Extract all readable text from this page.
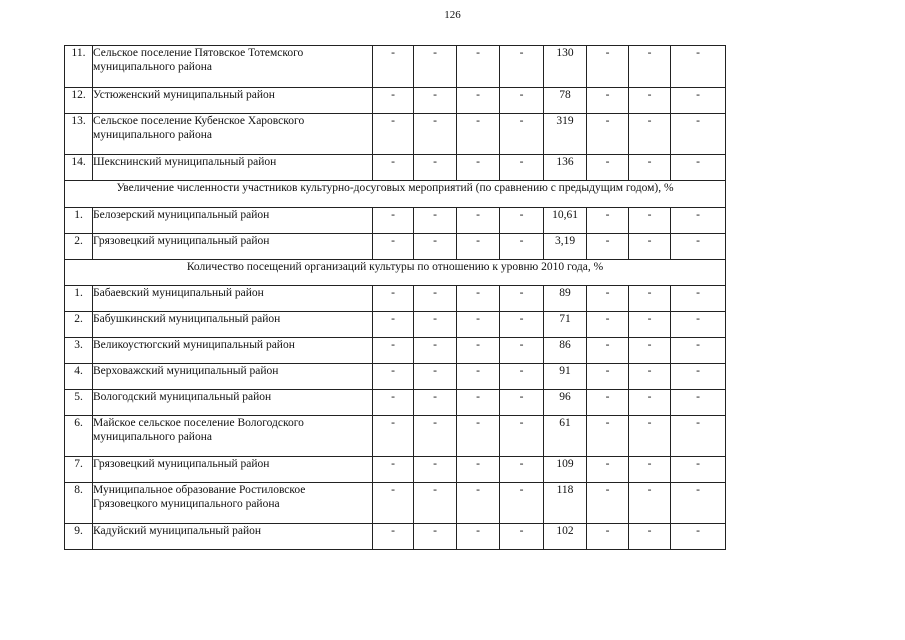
126
11.	Сельское поселение Пятовское Тотемского муниципального района	-	-	-	-	130	-	-	-
12.	Устюженский муниципальный район	-	-	-	-	78	-	-	-
13.	Сельское поселение Кубенское Харовского муниципального района	-	-	-	-	319	-	-	-
14.	Шекснинский муниципальный район	-	-	-	-	136	-	-	-
Увеличение численности участников культурно-досуговых мероприятий (по сравнению с предыдущим годом), %									
1.	Белозерский муниципальный район	-	-	-	-	10,61	-	-	-
2.	Грязовецкий муниципальный район	-	-	-	-	3,19	-	-	-
Количество посещений организаций культуры по отношению к уровню 2010 года, %									
1.	Бабаевский муниципальный район	-	-	-	-	89	-	-	-
2.	Бабушкинский муниципальный район	-	-	-	-	71	-	-	-
3.	Великоустюгский муниципальный район	-	-	-	-	86	-	-	-
4.	Верховажский муниципальный район	-	-	-	-	91	-	-	-
5.	Вологодский муниципальный район	-	-	-	-	96	-	-	-
6.	Майское сельское поселение Вологодского муниципального района	-	-	-	-	61	-	-	-
7.	Грязовецкий муниципальный район	-	-	-	-	109	-	-	-
8.	Муниципальное образование Ростиловское Грязовецкого муниципального района	-	-	-	-	118	-	-	-
9.	Кадуйский муниципальный район	-	-	-	-	102	-	-	-
